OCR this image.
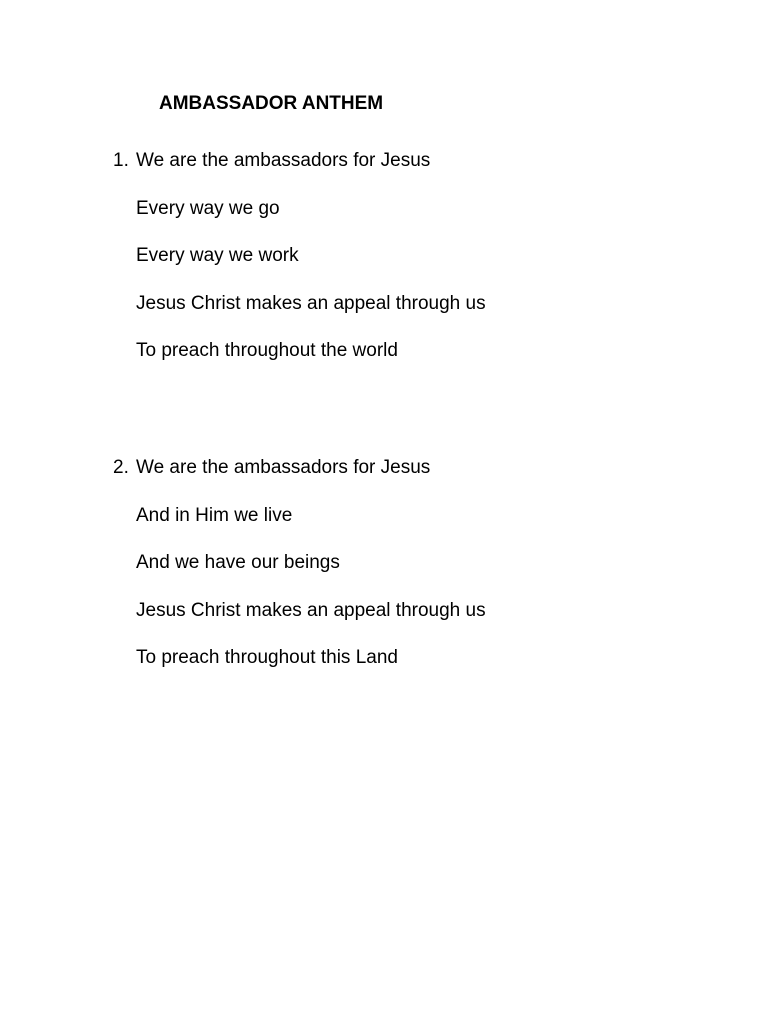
AMBASSADOR ANTHEM
1. We are the ambassadors for Jesus
Every way we go
Every way we work
Jesus Christ makes an appeal through us
To preach throughout the world
2. We are the ambassadors for Jesus
And in Him we live
And we have our beings
Jesus Christ makes an appeal through us
To preach throughout this Land
